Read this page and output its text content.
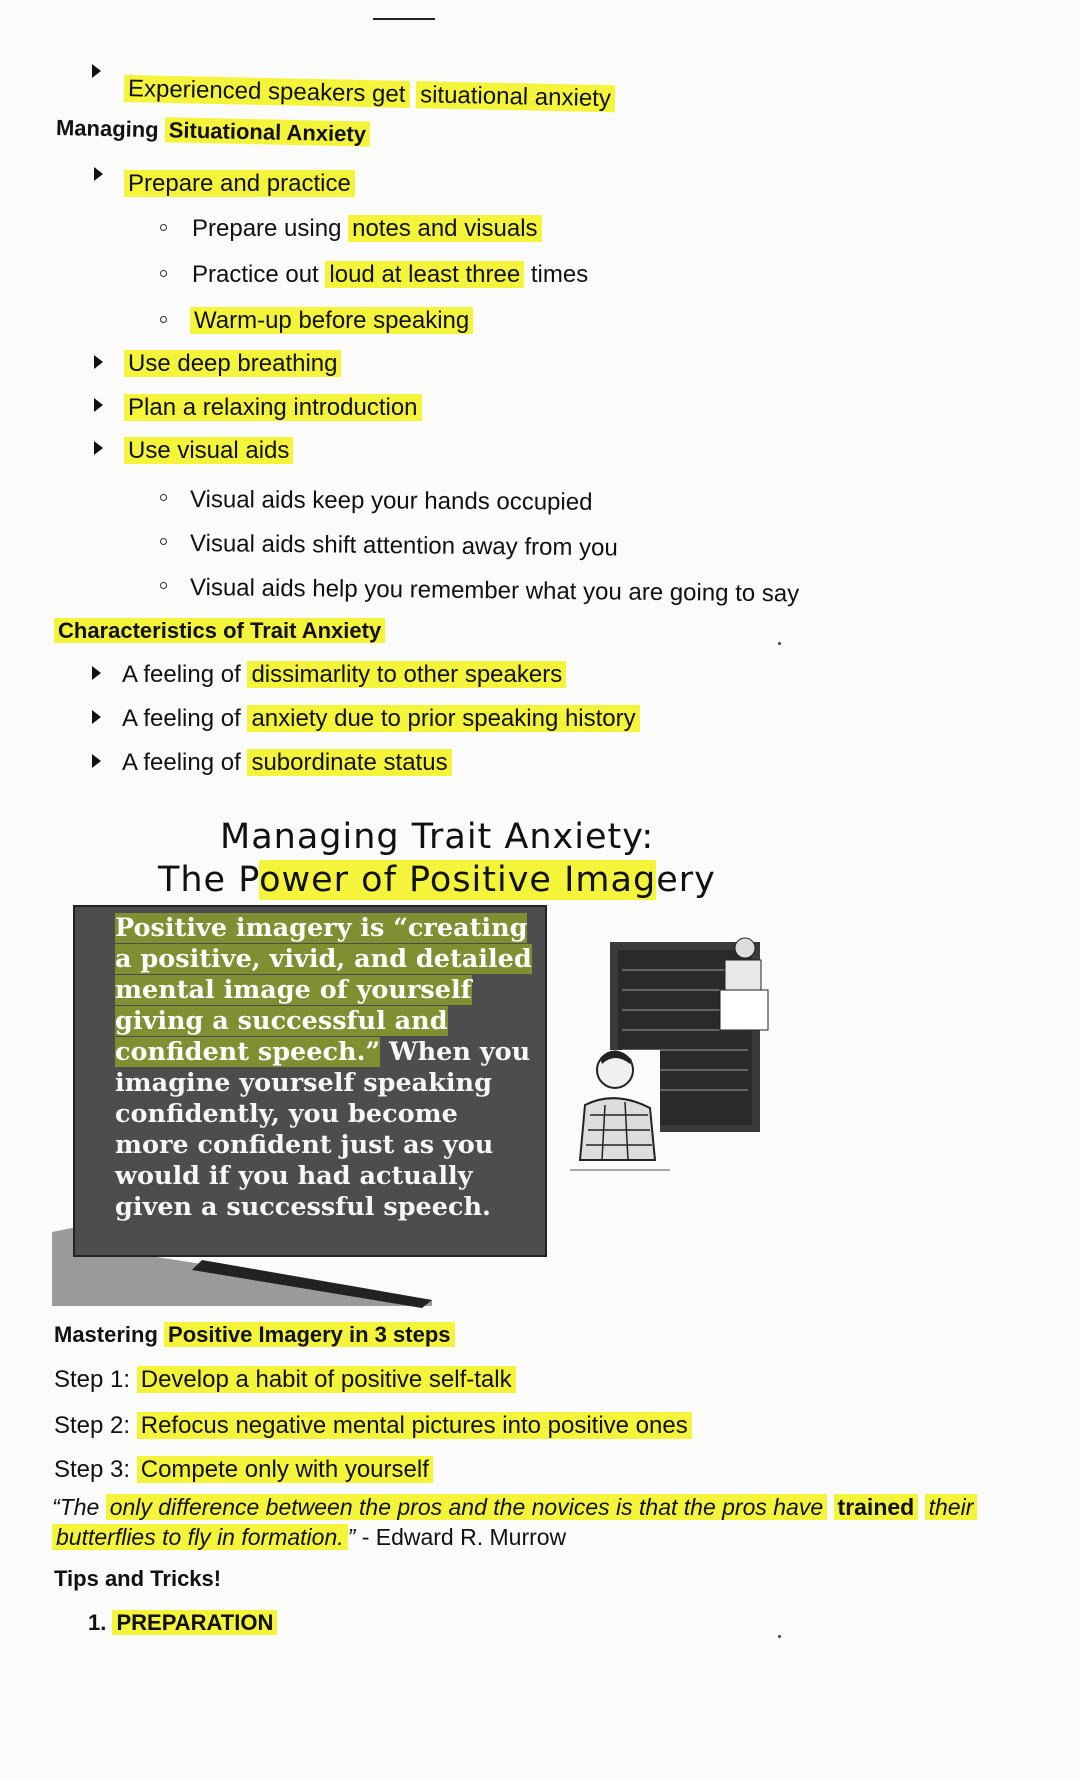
Experienced speakers get situational anxiety
Managing Situational Anxiety
Prepare and practice
Prepare using notes and visuals
Practice out loud at least three times
Warm-up before speaking
Use deep breathing
Plan a relaxing introduction
Use visual aids
Visual aids keep your hands occupied
Visual aids shift attention away from you
Visual aids help you remember what you are going to say
Characteristics of Trait Anxiety
A feeling of dissimarlity to other speakers
A feeling of anxiety due to prior speaking history
A feeling of subordinate status
Managing Trait Anxiety:
The Power of Positive Imagery
Positive imagery is “creating a positive, vivid, and detailed mental image of yourself giving a successful and confident speech.” When you imagine yourself speaking confidently, you become more confident just as you would if you had actually given a successful speech.
Mastering Positive Imagery in 3 steps
Step 1: Develop a habit of positive self-talk
Step 2: Refocus negative mental pictures into positive ones
Step 3: Compete only with yourself
“The only difference between the pros and the novices is that the pros have trained their butterflies to fly in formation. ” - Edward R. Murrow
Tips and Tricks!
1. PREPARATION
